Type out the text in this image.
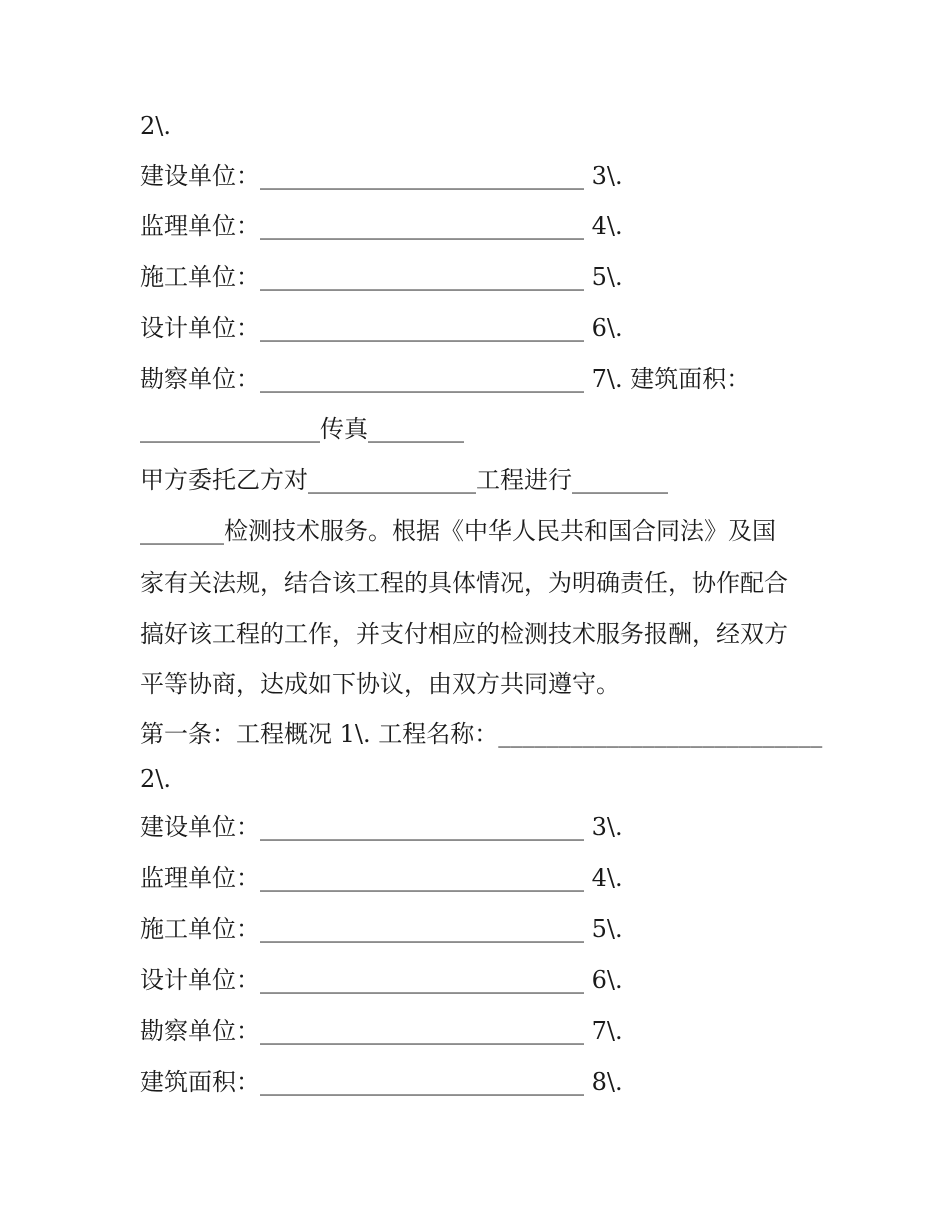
2\.
建设单位：___________________________ 3\.
监理单位：___________________________ 4\.
施工单位：___________________________ 5\.
设计单位：___________________________ 6\.
勘察单位：___________________________ 7\. 建筑面积：
_______________传真________
甲方委托乙方对______________工程进行________
_______检测技术服务。根据《中华人民共和国合同法》及国
家有关法规，结合该工程的具体情况，为明确责任，协作配合
搞好该工程的工作，并支付相应的检测技术服务报酬，经双方
平等协商，达成如下协议，由双方共同遵守。
第一条：工程概况 1\. 工程名称：___________________________
2\.
建设单位：___________________________ 3\.
监理单位：___________________________ 4\.
施工单位：___________________________ 5\.
设计单位：___________________________ 6\.
勘察单位：___________________________ 7\.
建筑面积：___________________________ 8\.
